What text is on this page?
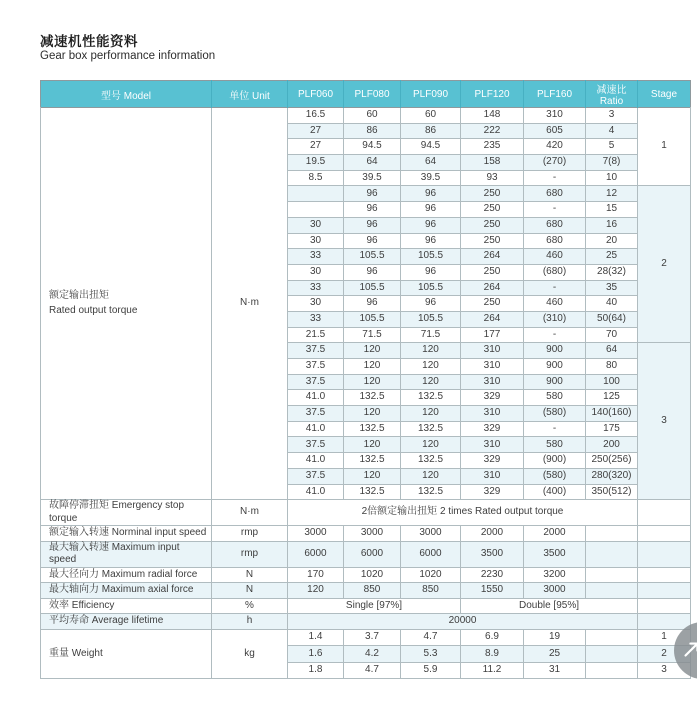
减速机性能资料
Gear box performance information
型号 Model	单位 Unit	PLF060	PLF080	PLF090	PLF120	PLF160	减速比 Ratio	Stage
额定输出扭矩
Rated output torque	N·m	16.5	60	60	148	310	3	1
		27	86	86	222	605	4	
		27	94.5	94.5	235	420	5	
		19.5	64	64	158	(270)	7(8)	
		8.5	39.5	39.5	93	-	10	
			96	96	250	680	12	2
			96	96	250	-	15	
		30	96	96	250	680	16	
		30	96	96	250	680	20	
		33	105.5	105.5	264	460	25	
		30	96	96	250	(680)	28(32)	
		33	105.5	105.5	264	-	35	
		30	96	96	250	460	40	
		33	105.5	105.5	264	(310)	50(64)	
		21.5	71.5	71.5	177	-	70	
		37.5	120	120	310	900	64	3
		37.5	120	120	310	900	80	
		37.5	120	120	310	900	100	
		41.0	132.5	132.5	329	580	125	
		37.5	120	120	310	(580)	140(160)	
		41.0	132.5	132.5	329	-	175	
		37.5	120	120	310	580	200	
		41.0	132.5	132.5	329	(900)	250(256)	
		37.5	120	120	310	(580)	280(320)	
		41.0	132.5	132.5	329	(400)	350(512)	
故障停滞扭矩 Emergency stop torque	N·m	2倍额定输出扭矩 2 times Rated output torque						
额定输入转速 Norminal input speed	rmp	3000	3000	3000	2000	2000		
最大输入转速 Maximum input speed	rmp	6000	6000	6000	3500	3500		
最大径向力 Maximum radial force	N	170	1020	1020	2230	3200		
最大轴向力 Maximum axial force	N	120	850	850	1550	3000		
效率 Efficiency	%	Single [97%]			Double [95%]			
平均寿命 Average lifetime	h	20000						
重量 Weight	kg	1.4	3.7	4.7	6.9	19		1
		1.6	4.2	5.3	8.9	25		2
		1.8	4.7	5.9	11.2	31		3
